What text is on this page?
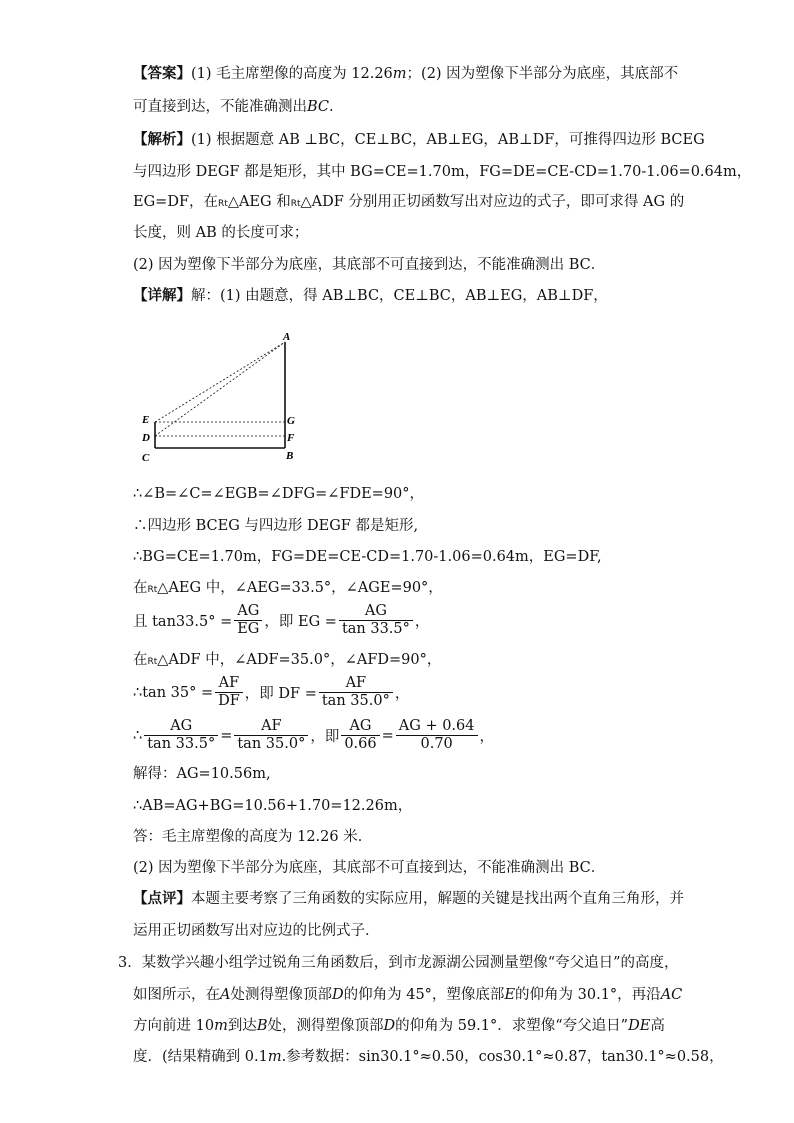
【答案】(1) 毛主席塑像的高度为 12.26m；(2) 因为塑像下半部分为底座，其底部不
可直接到达，不能准确测出BC.
【解析】(1) 根据题意 AB ⊥BC，CE⊥BC，AB⊥EG，AB⊥DF，可推得四边形 BCEG
与四边形 DEGF 都是矩形，其中 BG=CE=1.70m，FG=DE=CE-CD=1.70-1.06=0.64m，
EG=DF，在Rt△AEG 和Rt△ADF 分别用正切函数写出对应边的式子，即可求得 AG 的
长度，则 AB 的长度可求；
(2) 因为塑像下半部分为底座，其底部不可直接到达，不能准确测出 BC．
【详解】解：(1) 由题意，得 AB⊥BC，CE⊥BC，AB⊥EG，AB⊥DF，
A
B
C
D
E
F
G
∴∠B=∠C=∠EGB=∠DFG=∠FDE=90°，
∴四边形 BCEG 与四边形 DEGF 都是矩形,
∴BG=CE=1.70m，FG=DE=CE-CD=1.70-1.06=0.64m，EG=DF,
在Rt△AEG 中，∠AEG=33.5°，∠AGE=90°，
且 $\tan 33.5^\circ = \frac{AG}{EG}$ ，即 EG = $\frac{AG}{\tan 33.5^\circ}$ ，
在Rt△ADF 中，∠ADF=35.0°，∠AFD=90°，
∴tan $35^\circ = \frac{AF}{DF}$ ，即 DF = $\frac{AF}{\tan 35.0^\circ}$ ，
∴ $\frac{AG}{\tan 33.5^\circ} = \frac{AF}{\tan 35.0^\circ}$ ，即 $\frac{AG}{0.66} = \frac{AG + 0.64}{0.70}$ ，
解得：AG=10.56m,
∴AB=AG+BG=10.56+1.70=12.26m，
答：毛主席塑像的高度为 12.26 米．
(2) 因为塑像下半部分为底座，其底部不可直接到达，不能准确测出 BC．
【点评】本题主要考察了三角函数的实际应用，解题的关键是找出两个直角三角形，并
运用正切函数写出对应边的比例式子．
3．某数学兴趣小组学过锐角三角函数后，到市龙源湖公园测量塑像“夸父追日”的高度，
如图所示，在A处测得塑像顶部D的仰角为 45°，塑像底部E的仰角为 30.1°，再沿AC
方向前进 10m到达B处，测得塑像顶部D的仰角为 59.1°．求塑像“夸父追日”DE高
度．(结果精确到 0.1m.参考数据：sin30.1°≈0.50，cos30.1°≈0.87，tan30.1°≈0.58，
